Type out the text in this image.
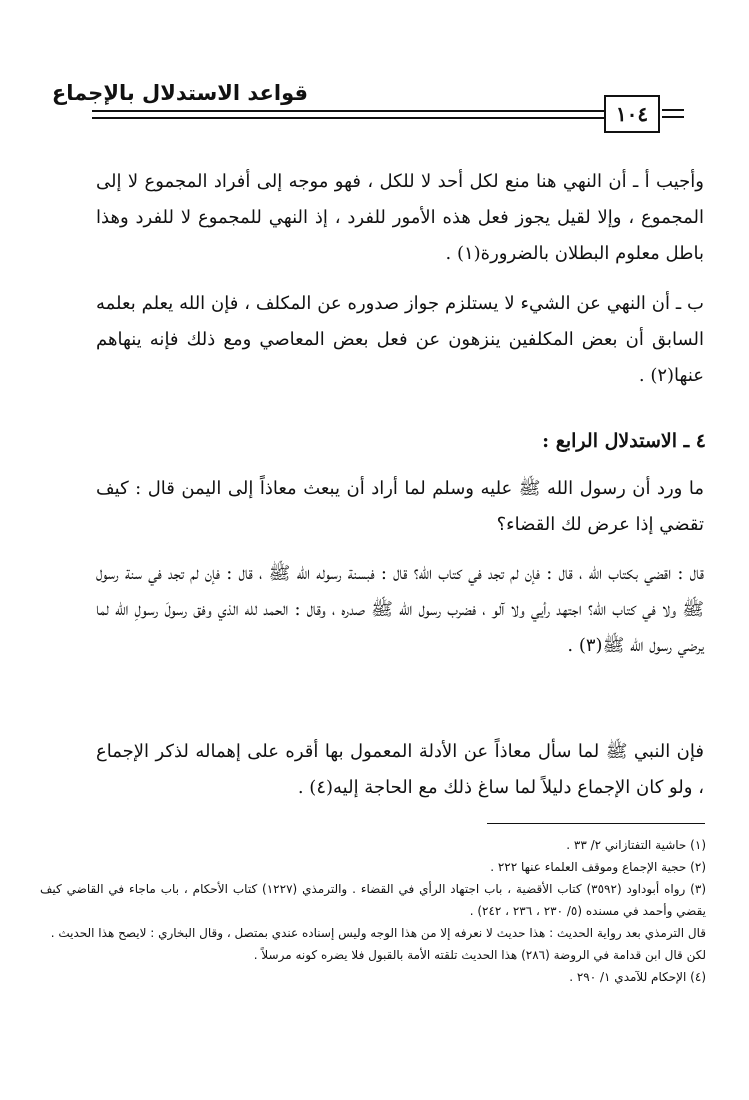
قواعد الاستدلال بالإجماع
١٠٤
وأجيب أ ـ أن النهي هنا منع لكل أحد لا للكل ، فهو موجه إلى أفراد المجموع لا إلى المجموع ، وإلا لقيل يجوز فعل هذه الأمور للفرد ، إذ النهي للمجموع لا للفرد وهذا باطل معلوم البطلان بالضرورة(١) .
ب ـ أن النهي عن الشيء لا يستلزم جواز صدوره عن المكلف ، فإن الله يعلم بعلمه السابق أن بعض المكلفين ينزهون عن فعل بعض المعاصي ومع ذلك فإنه ينهاهم عنها(٢) .
٤ ـ الاستدلال الرابع :
ما ورد أن رسول الله ﷺ عليه وسلم لما أراد أن يبعث معاذاً إلى اليمن قال : كيف تقضي إذا عرض لك القضاء؟
قال : اقضي بكتاب الله ، قال : فإن لم تجد في كتاب الله؟ قال : فبسنة رسوله الله ﷺ ، قال : فإن لم تجد في سنة رسول ﷺ ولا في كتاب الله؟ اجتهد رأيي ولا آلو ، فضرب رسول الله ﷺ صدره ، وقال : الحمد لله الذي وفق رسولَ رسولِ الله لما يرضي رسول الله ﷺ(٣) .
فإن النبي ﷺ لما سأل معاذاً عن الأدلة المعمول بها أقره على إهماله لذكر الإجماع ، ولو كان الإجماع دليلاً لما ساغ ذلك مع الحاجة إليه(٤) .

(١) حاشية التفتازاني ٢/ ٣٣ .

(٢) حجية الإجماع وموقف العلماء عنها ٢٢٢ .

(٣) رواه أبوداود (٣٥٩٢) كتاب الأقضية ، باب اجتهاد الرأي في القضاء . والترمذي (١٢٢٧) كتاب الأحكام ، باب ماجاء في القاضي كيف يقضي وأحمد في مسنده (٥/ ٢٣٠ ، ٢٣٦ ، ٢٤٢) .

قال الترمذي بعد رواية الحديث : هذا حديث لا نعرفه إلا من هذا الوجه وليس إسناده عندي بمتصل ، وقال البخاري : لايصح هذا الحديث .

لكن قال ابن قدامة في الروضة (٢٨٦) هذا الحديث تلقته الأمة بالقبول فلا يضره كونه مرسلاً .

(٤) الإحكام للآمدي ١/ ٢٩٠ .
